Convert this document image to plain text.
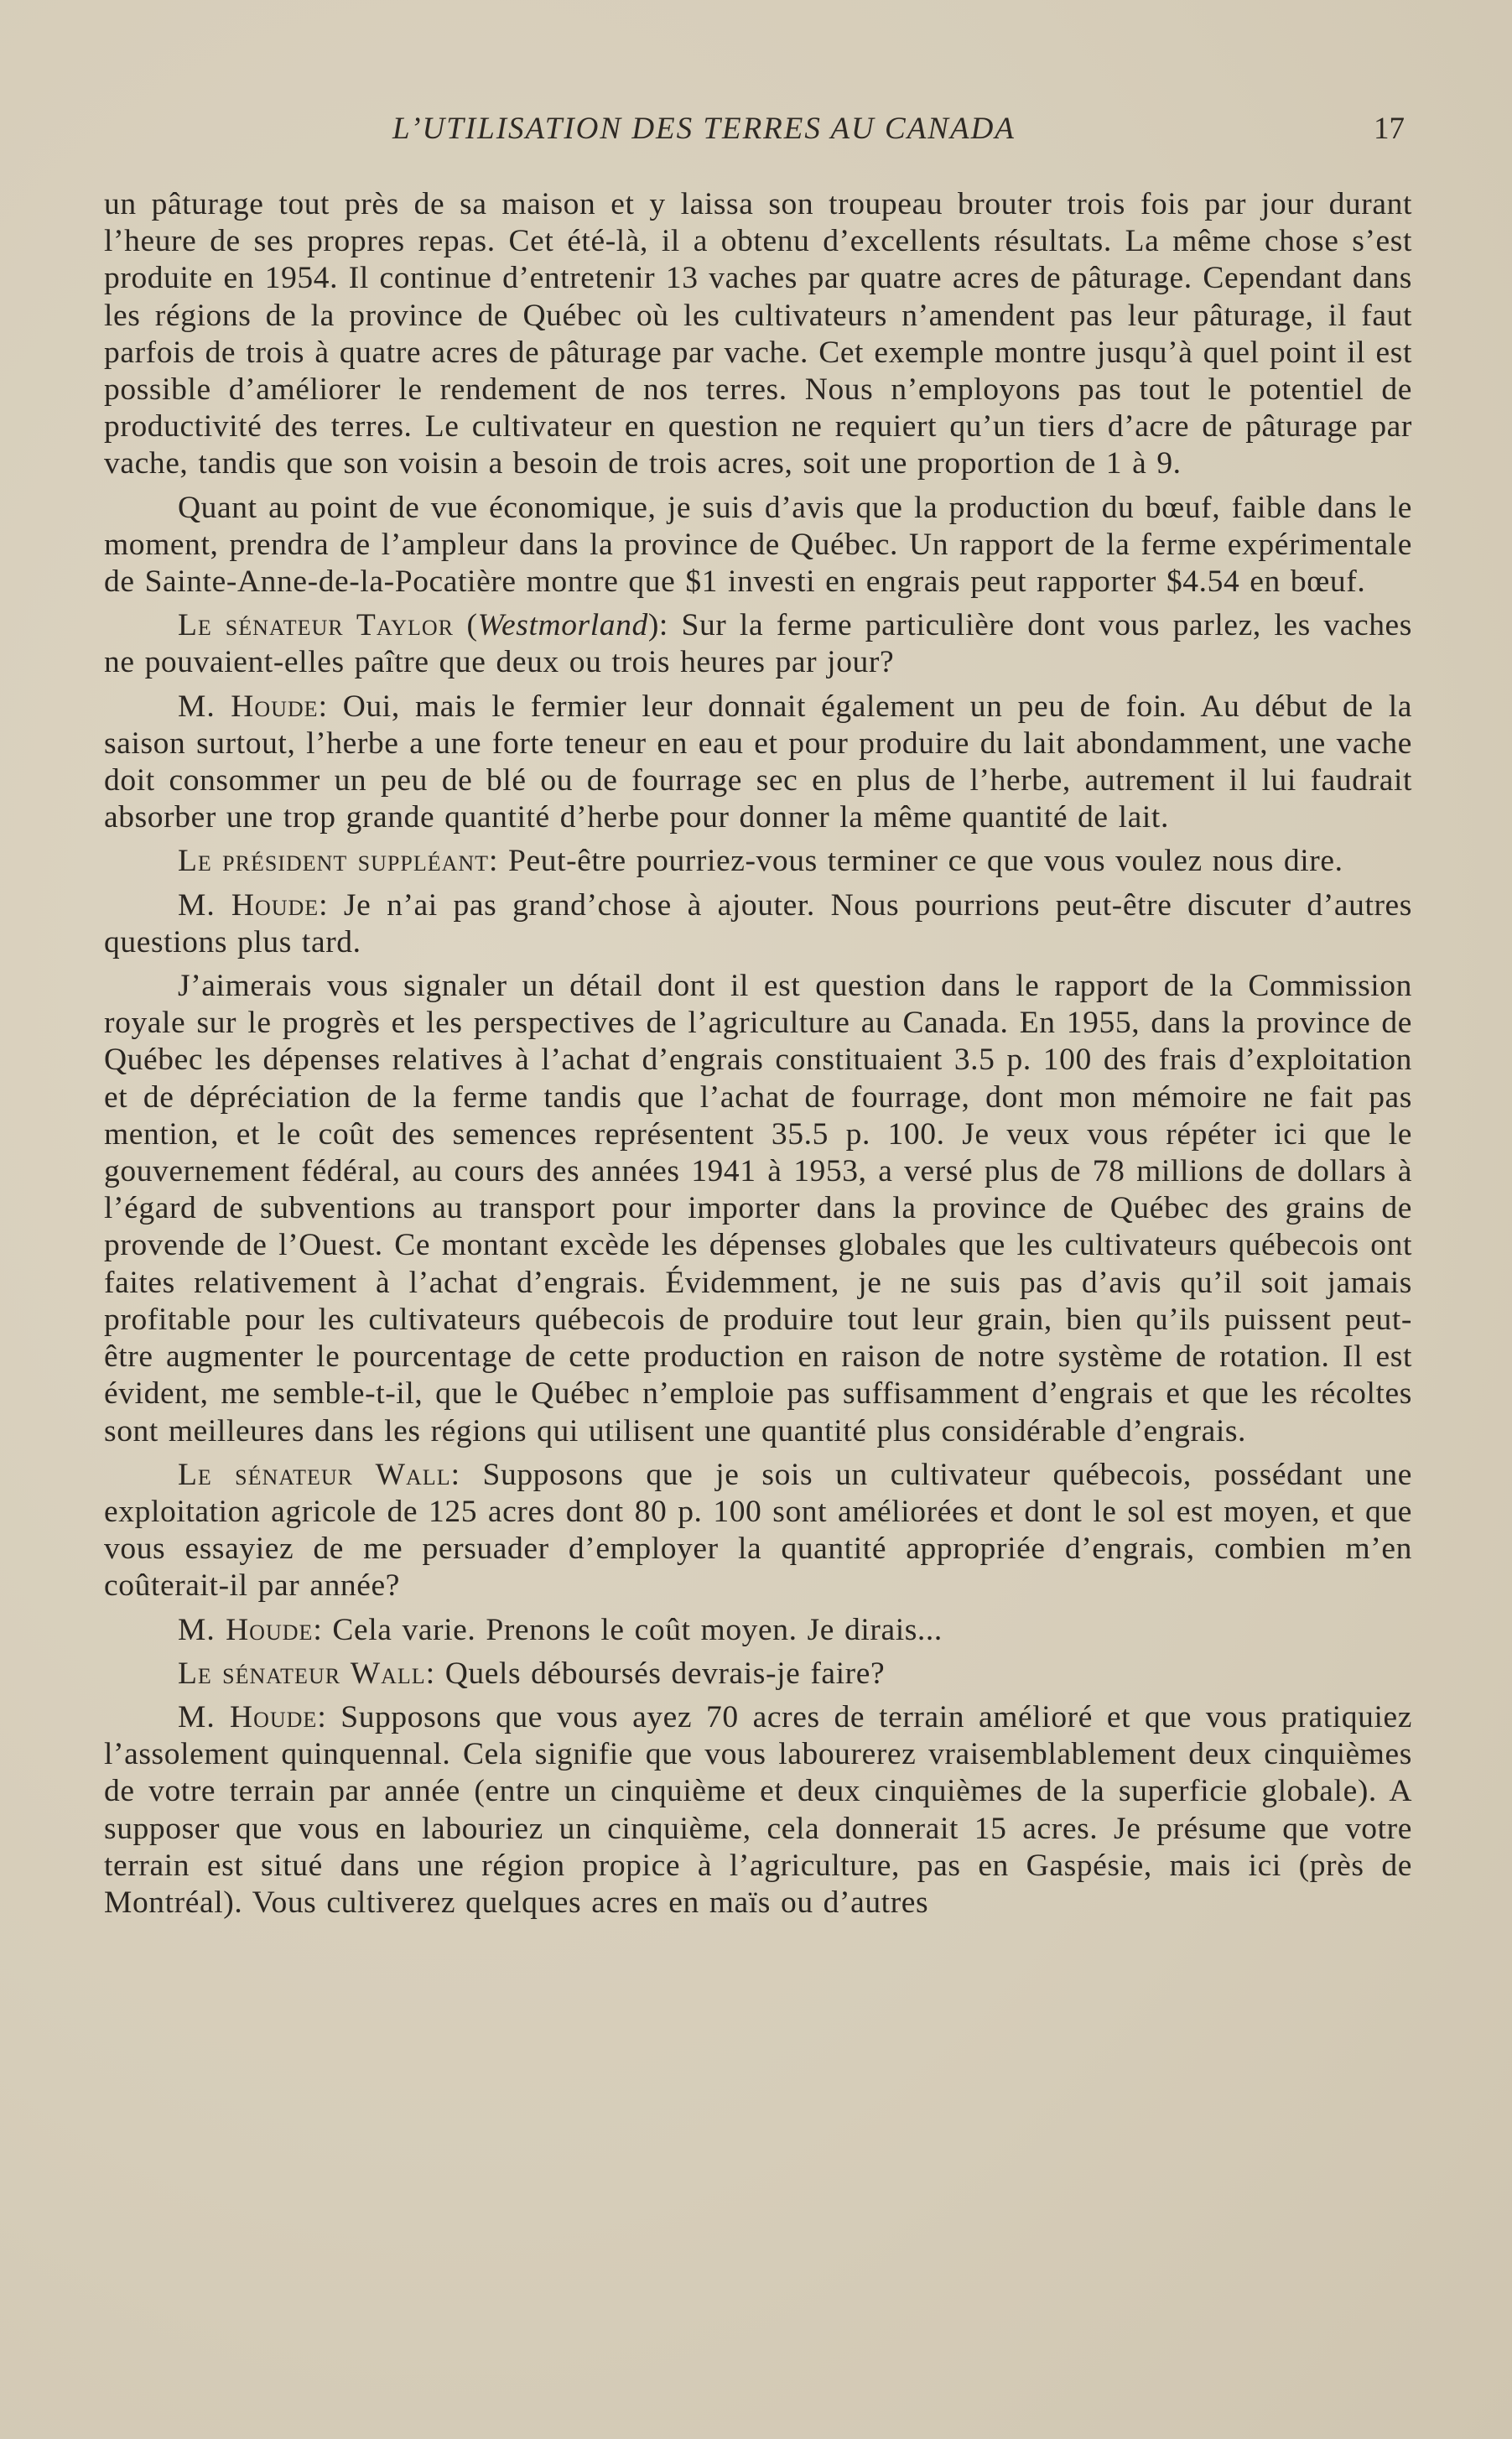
L’UTILISATION DES TERRES AU CANADA	17

un pâturage tout près de sa maison et y laissa son troupeau brouter trois fois par jour durant l’heure de ses propres repas. Cet été-là, il a obtenu d’excellents résultats. La même chose s’est produite en 1954. Il continue d’entretenir 13 vaches par quatre acres de pâturage. Cependant dans les régions de la province de Québec où les cultivateurs n’amendent pas leur pâturage, il faut parfois de trois à quatre acres de pâturage par vache. Cet exemple montre jusqu’à quel point il est possible d’améliorer le rendement de nos terres. Nous n’employons pas tout le potentiel de productivité des terres. Le cultivateur en question ne requiert qu’un tiers d’acre de pâturage par vache, tandis que son voisin a besoin de trois acres, soit une proportion de 1 à 9.

Quant au point de vue économique, je suis d’avis que la production du bœuf, faible dans le moment, prendra de l’ampleur dans la province de Québec. Un rapport de la ferme expérimentale de Sainte-Anne-de-la-Pocatière montre que $1 investi en engrais peut rapporter $4.54 en bœuf.

Le sénateur Taylor (Westmorland): Sur la ferme particulière dont vous parlez, les vaches ne pouvaient-elles paître que deux ou trois heures par jour?

M. Houde: Oui, mais le fermier leur donnait également un peu de foin. Au début de la saison surtout, l’herbe a une forte teneur en eau et pour produire du lait abondamment, une vache doit consommer un peu de blé ou de fourrage sec en plus de l’herbe, autrement il lui faudrait absorber une trop grande quantité d’herbe pour donner la même quantité de lait.

Le président suppléant: Peut-être pourriez-vous terminer ce que vous voulez nous dire.

M. Houde: Je n’ai pas grand’chose à ajouter. Nous pourrions peut-être discuter d’autres questions plus tard.

J’aimerais vous signaler un détail dont il est question dans le rapport de la Commission royale sur le progrès et les perspectives de l’agriculture au Canada. En 1955, dans la province de Québec les dépenses relatives à l’achat d’engrais constituaient 3.5 p. 100 des frais d’exploitation et de dépréciation de la ferme tandis que l’achat de fourrage, dont mon mémoire ne fait pas mention, et le coût des semences représentent 35.5 p. 100. Je veux vous répéter ici que le gouvernement fédéral, au cours des années 1941 à 1953, a versé plus de 78 millions de dollars à l’égard de subventions au transport pour importer dans la province de Québec des grains de provende de l’Ouest. Ce montant excède les dépenses globales que les cultivateurs québecois ont faites relativement à l’achat d’engrais. Évidemment, je ne suis pas d’avis qu’il soit jamais profitable pour les cultivateurs québecois de produire tout leur grain, bien qu’ils puissent peut-être augmenter le pourcentage de cette production en raison de notre système de rotation. Il est évident, me semble-t-il, que le Québec n’emploie pas suffisamment d’engrais et que les récoltes sont meilleures dans les régions qui utilisent une quantité plus considérable d’engrais.

Le sénateur Wall: Supposons que je sois un cultivateur québecois, possédant une exploitation agricole de 125 acres dont 80 p. 100 sont améliorées et dont le sol est moyen, et que vous essayiez de me persuader d’employer la quantité appropriée d’engrais, combien m’en coûterait-il par année?

M. Houde: Cela varie. Prenons le coût moyen. Je dirais...

Le sénateur Wall: Quels déboursés devrais-je faire?

M. Houde: Supposons que vous ayez 70 acres de terrain amélioré et que vous pratiquiez l’assolement quinquennal. Cela signifie que vous labourerez vraisemblablement deux cinquièmes de votre terrain par année (entre un cinquième et deux cinquièmes de la superficie globale). A supposer que vous en labouriez un cinquième, cela donnerait 15 acres. Je présume que votre terrain est situé dans une région propice à l’agriculture, pas en Gaspésie, mais ici (près de Montréal). Vous cultiverez quelques acres en maïs ou d’autres
